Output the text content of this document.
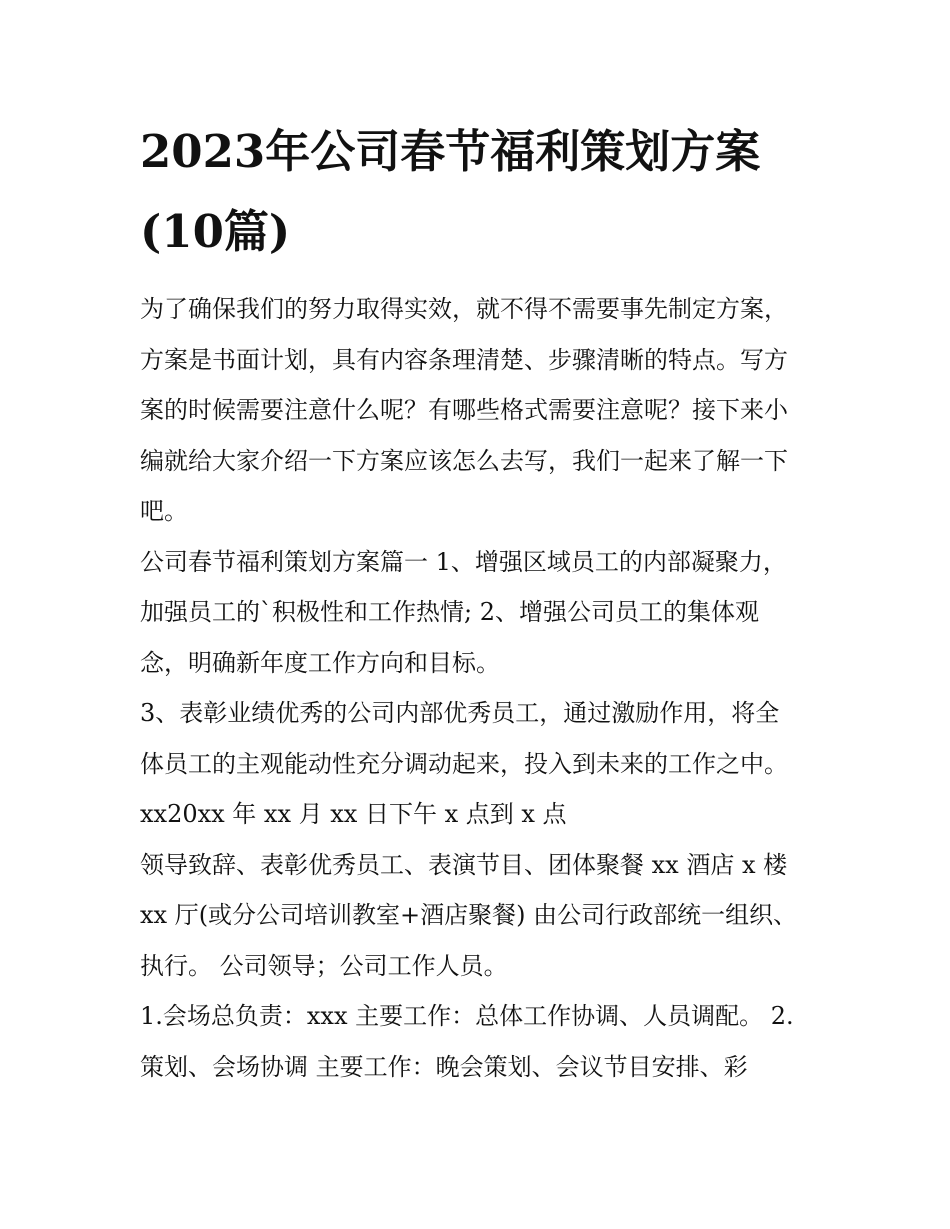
2023年公司春节福利策划方案
(10篇)

为了确保我们的努力取得实效，就不得不需要事先制定方案，
方案是书面计划，具有内容条理清楚、步骤清晰的特点。写方
案的时候需要注意什么呢？有哪些格式需要注意呢？接下来小
编就给大家介绍一下方案应该怎么去写，我们一起来了解一下
吧。

公司春节福利策划方案篇一 1、增强区域员工的内部凝聚力，
加强员工的`积极性和工作热情; 2、增强公司员工的集体观
念，明确新年度工作方向和目标。
3、表彰业绩优秀的公司内部优秀员工，通过激励作用，将全
体员工的主观能动性充分调动起来，投入到未来的工作之中。
xx20xx 年 xx 月 xx 日下午 x 点到 x 点
领导致辞、表彰优秀员工、表演节目、团体聚餐 xx 酒店 x 楼
xx 厅(或分公司培训教室+酒店聚餐) 由公司行政部统一组织、
执行。 公司领导；公司工作人员。
1.会场总负责：xxx 主要工作：总体工作协调、人员调配。 2.
策划、会场协调 主要工作：晚会策划、会议节目安排、彩
